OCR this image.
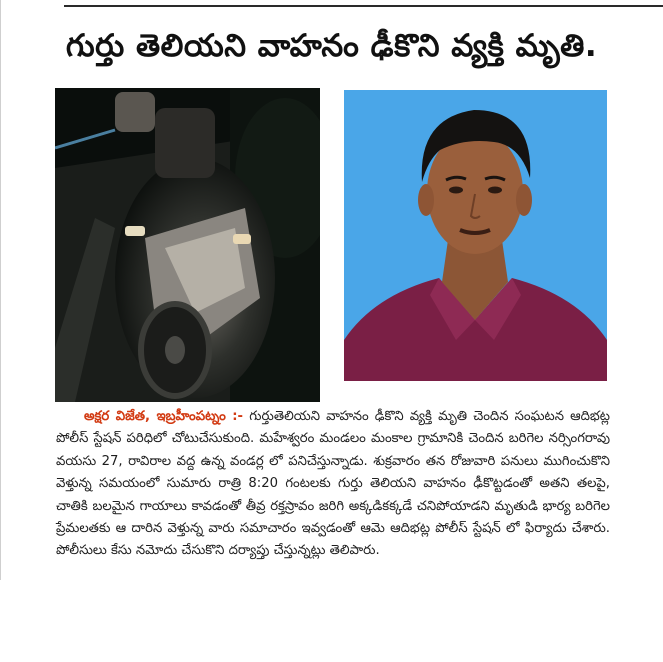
గుర్తు తెలియని వాహనం ఢీకొని వ్యక్తి మృతి.

అక్షర విజేత, ఇబ్రహీంపట్నం :- గుర్తుతెలియని వాహనం ఢీకొని వ్యక్తి మృతి చెందిన సంఘటన ఆదిభట్ల పోలీస్ స్టేషన్ పరిధిలో చోటుచేసుకుంది. మహేశ్వరం మండలం మంకాల గ్రామానికి చెందిన బరిగెల నర్సింగరావు వయసు 27, రావిరాల వద్ద ఉన్న వండర్ల లో పనిచేస్తున్నాడు. శుక్రవారం తన రోజువారి పనులు ముగించుకొని వెళ్తున్న సమయంలో సుమారు రాత్రి 8:20 గంటలకు గుర్తు తెలియని వాహనం ఢీకొట్టడంతో అతని తలపై, చాతికి బలమైన గాయాలు కావడంతో తీవ్ర రక్తస్రావం జరిగి అక్కడికక్కడే చనిపోయాడని మృతుడి భార్య బరిగెల ప్రేమలతకు ఆ దారిన వెళ్తున్న వారు సమాచారం ఇవ్వడంతో ఆమె ఆదిభట్ల పోలీస్ స్టేషన్ లో ఫిర్యాదు చేశారు. పోలీసులు కేసు నమోదు చేసుకొని దర్యాప్తు చేస్తున్నట్లు తెలిపారు.
